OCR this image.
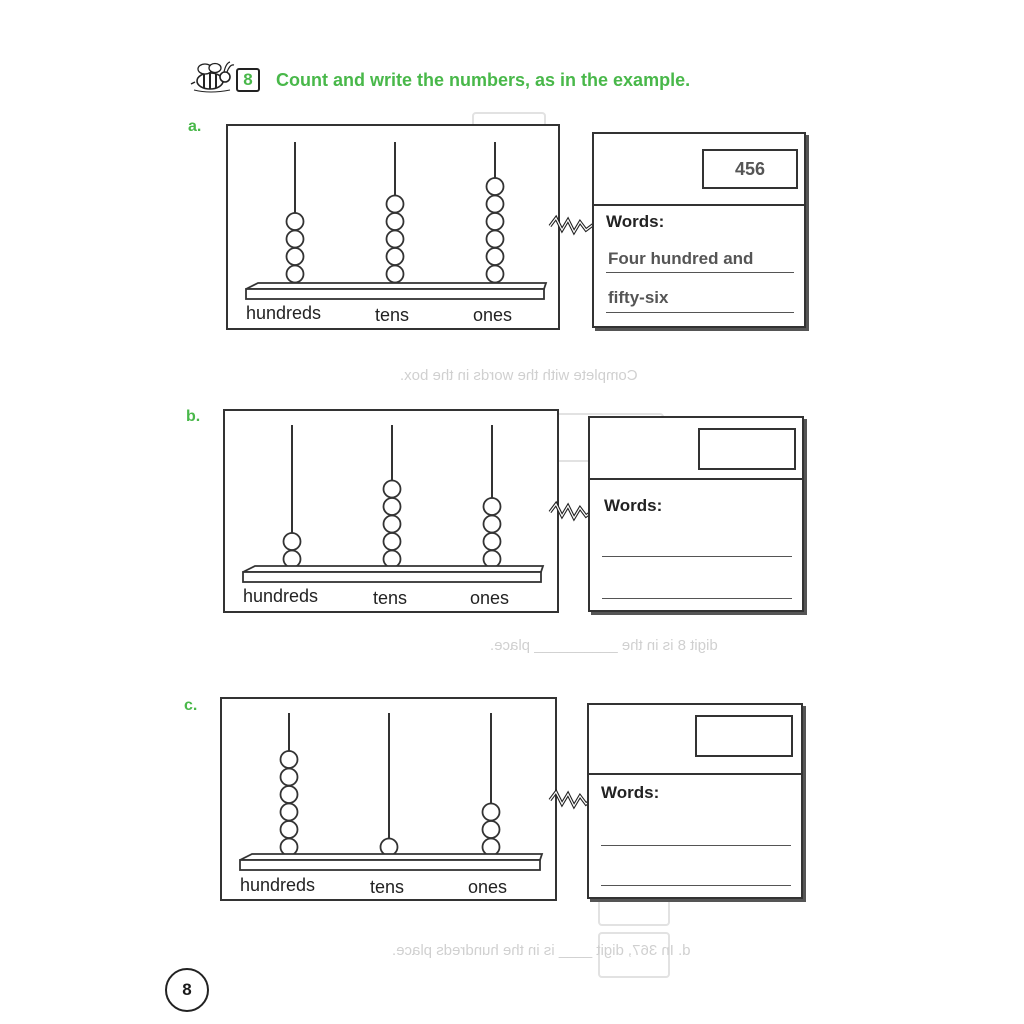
Complete with the words in the box.
digit 8 is in the __________ place.
d. In 367, digit ____ is in the hundreds place.
8	Count and write the numbers, as in the example.
a.
hundreds	tens	ones
456
Words:
Four hundred and
fifty-six
b.
hundreds	tens	ones
Words:
c.
hundreds	tens	ones
Words:
8
